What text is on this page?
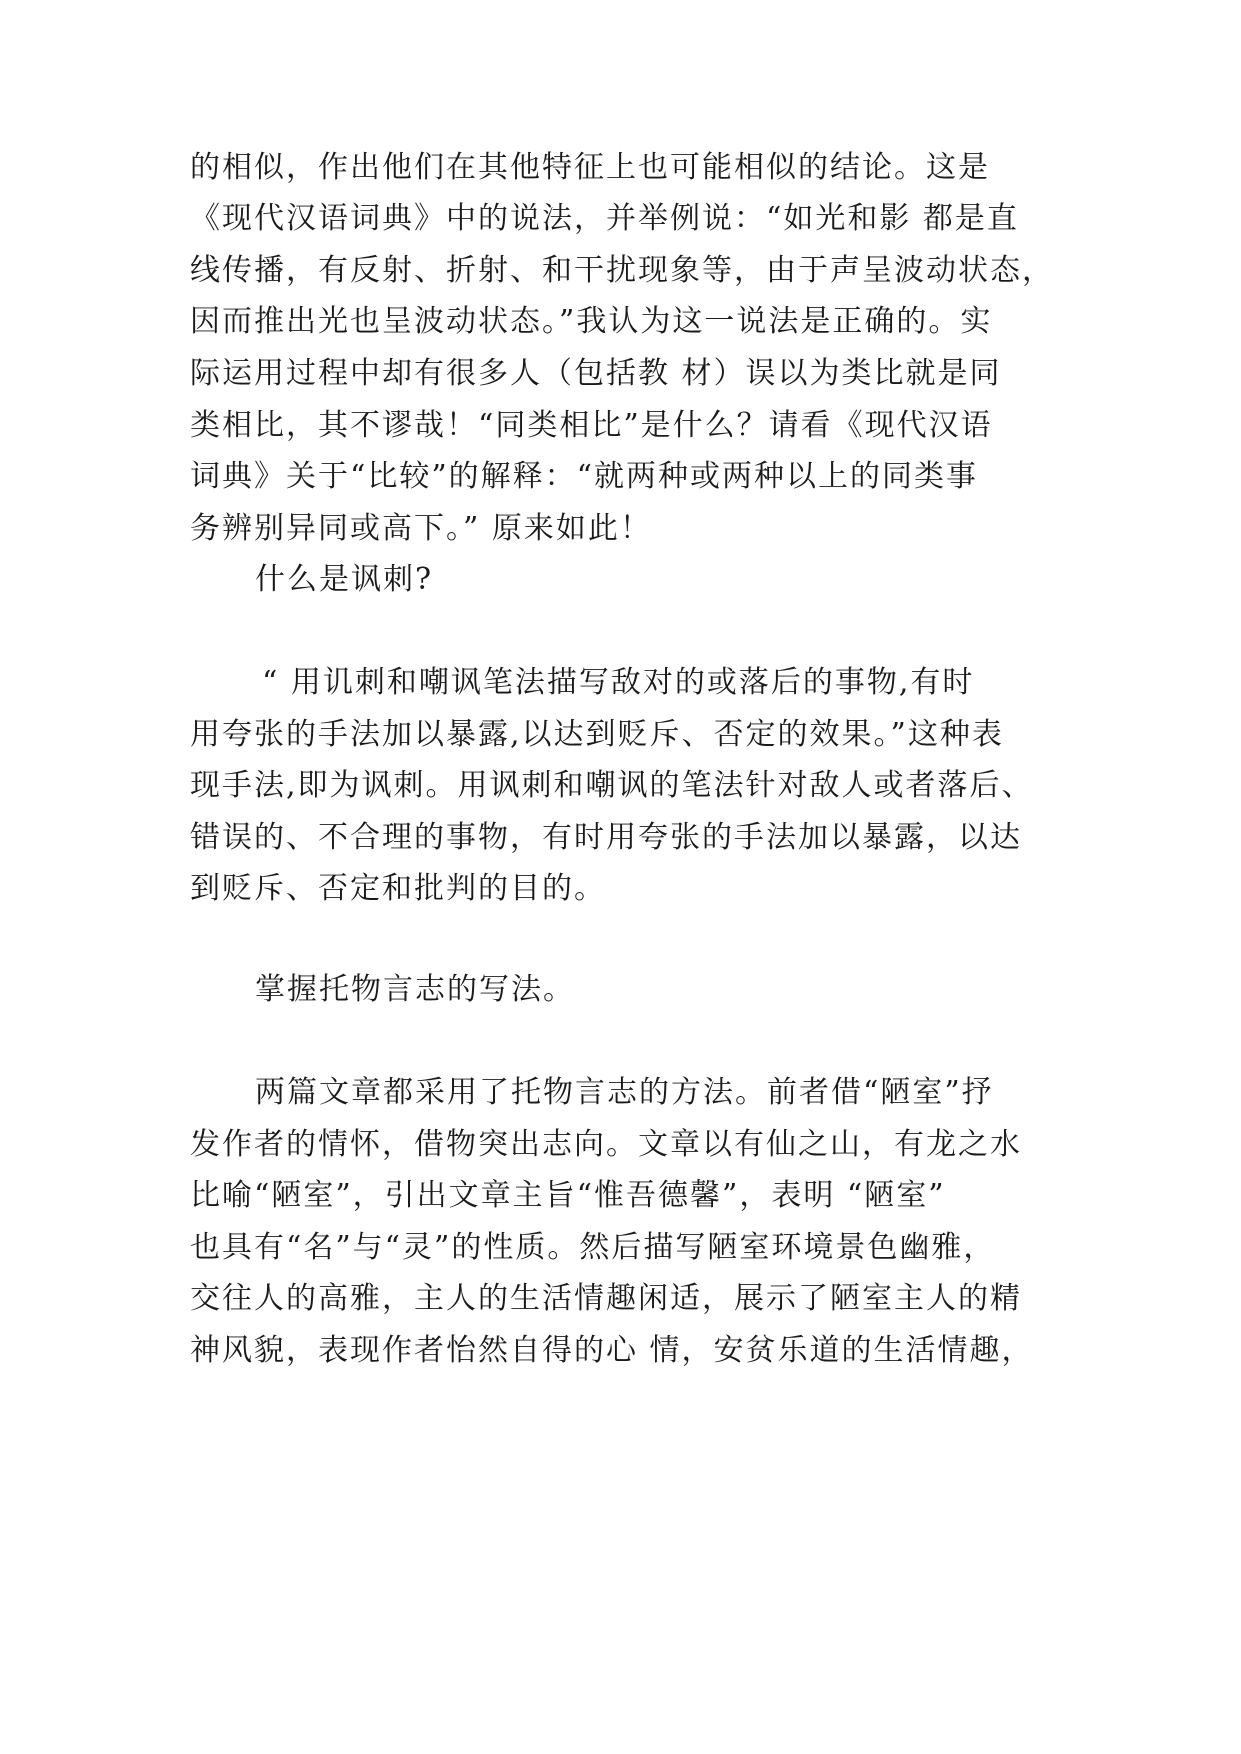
的相似，作出他们在其他特征上也可能相似的结论。这是
《现代汉语词典》中的说法，并举例说：“如光和影 都是直
线传播，有反射、折射、和干扰现象等，由于声呈波动状态，
因而推出光也呈波动状态。”我认为这一说法是正确的。实
际运用过程中却有很多人（包括教 材）误以为类比就是同
类相比，其不谬哉！“同类相比”是什么？请看《现代汉语
词典》关于“比较”的解释：“就两种或两种以上的同类事
务辨别异同或高下。” 原来如此！
什么是讽刺?
“ 用讥刺和嘲讽笔法描写敌对的或落后的事物,有时
用夸张的手法加以暴露,以达到贬斥、否定的效果。”这种表
现手法,即为讽刺。用讽刺和嘲讽的笔法针对敌人或者落后、
错误的、不合理的事物，有时用夸张的手法加以暴露，以达
到贬斥、否定和批判的目的。
掌握托物言志的写法。
两篇文章都采用了托物言志的方法。前者借“陋室”抒
发作者的情怀，借物突出志向。文章以有仙之山，有龙之水
比喻“陋室”，引出文章主旨“惟吾德馨”，表明 “陋室”
也具有“名”与“灵”的性质。然后描写陋室环境景色幽雅，
交往人的高雅，主人的生活情趣闲适，展示了陋室主人的精
神风貌，表现作者怡然自得的心 情，安贫乐道的生活情趣，
